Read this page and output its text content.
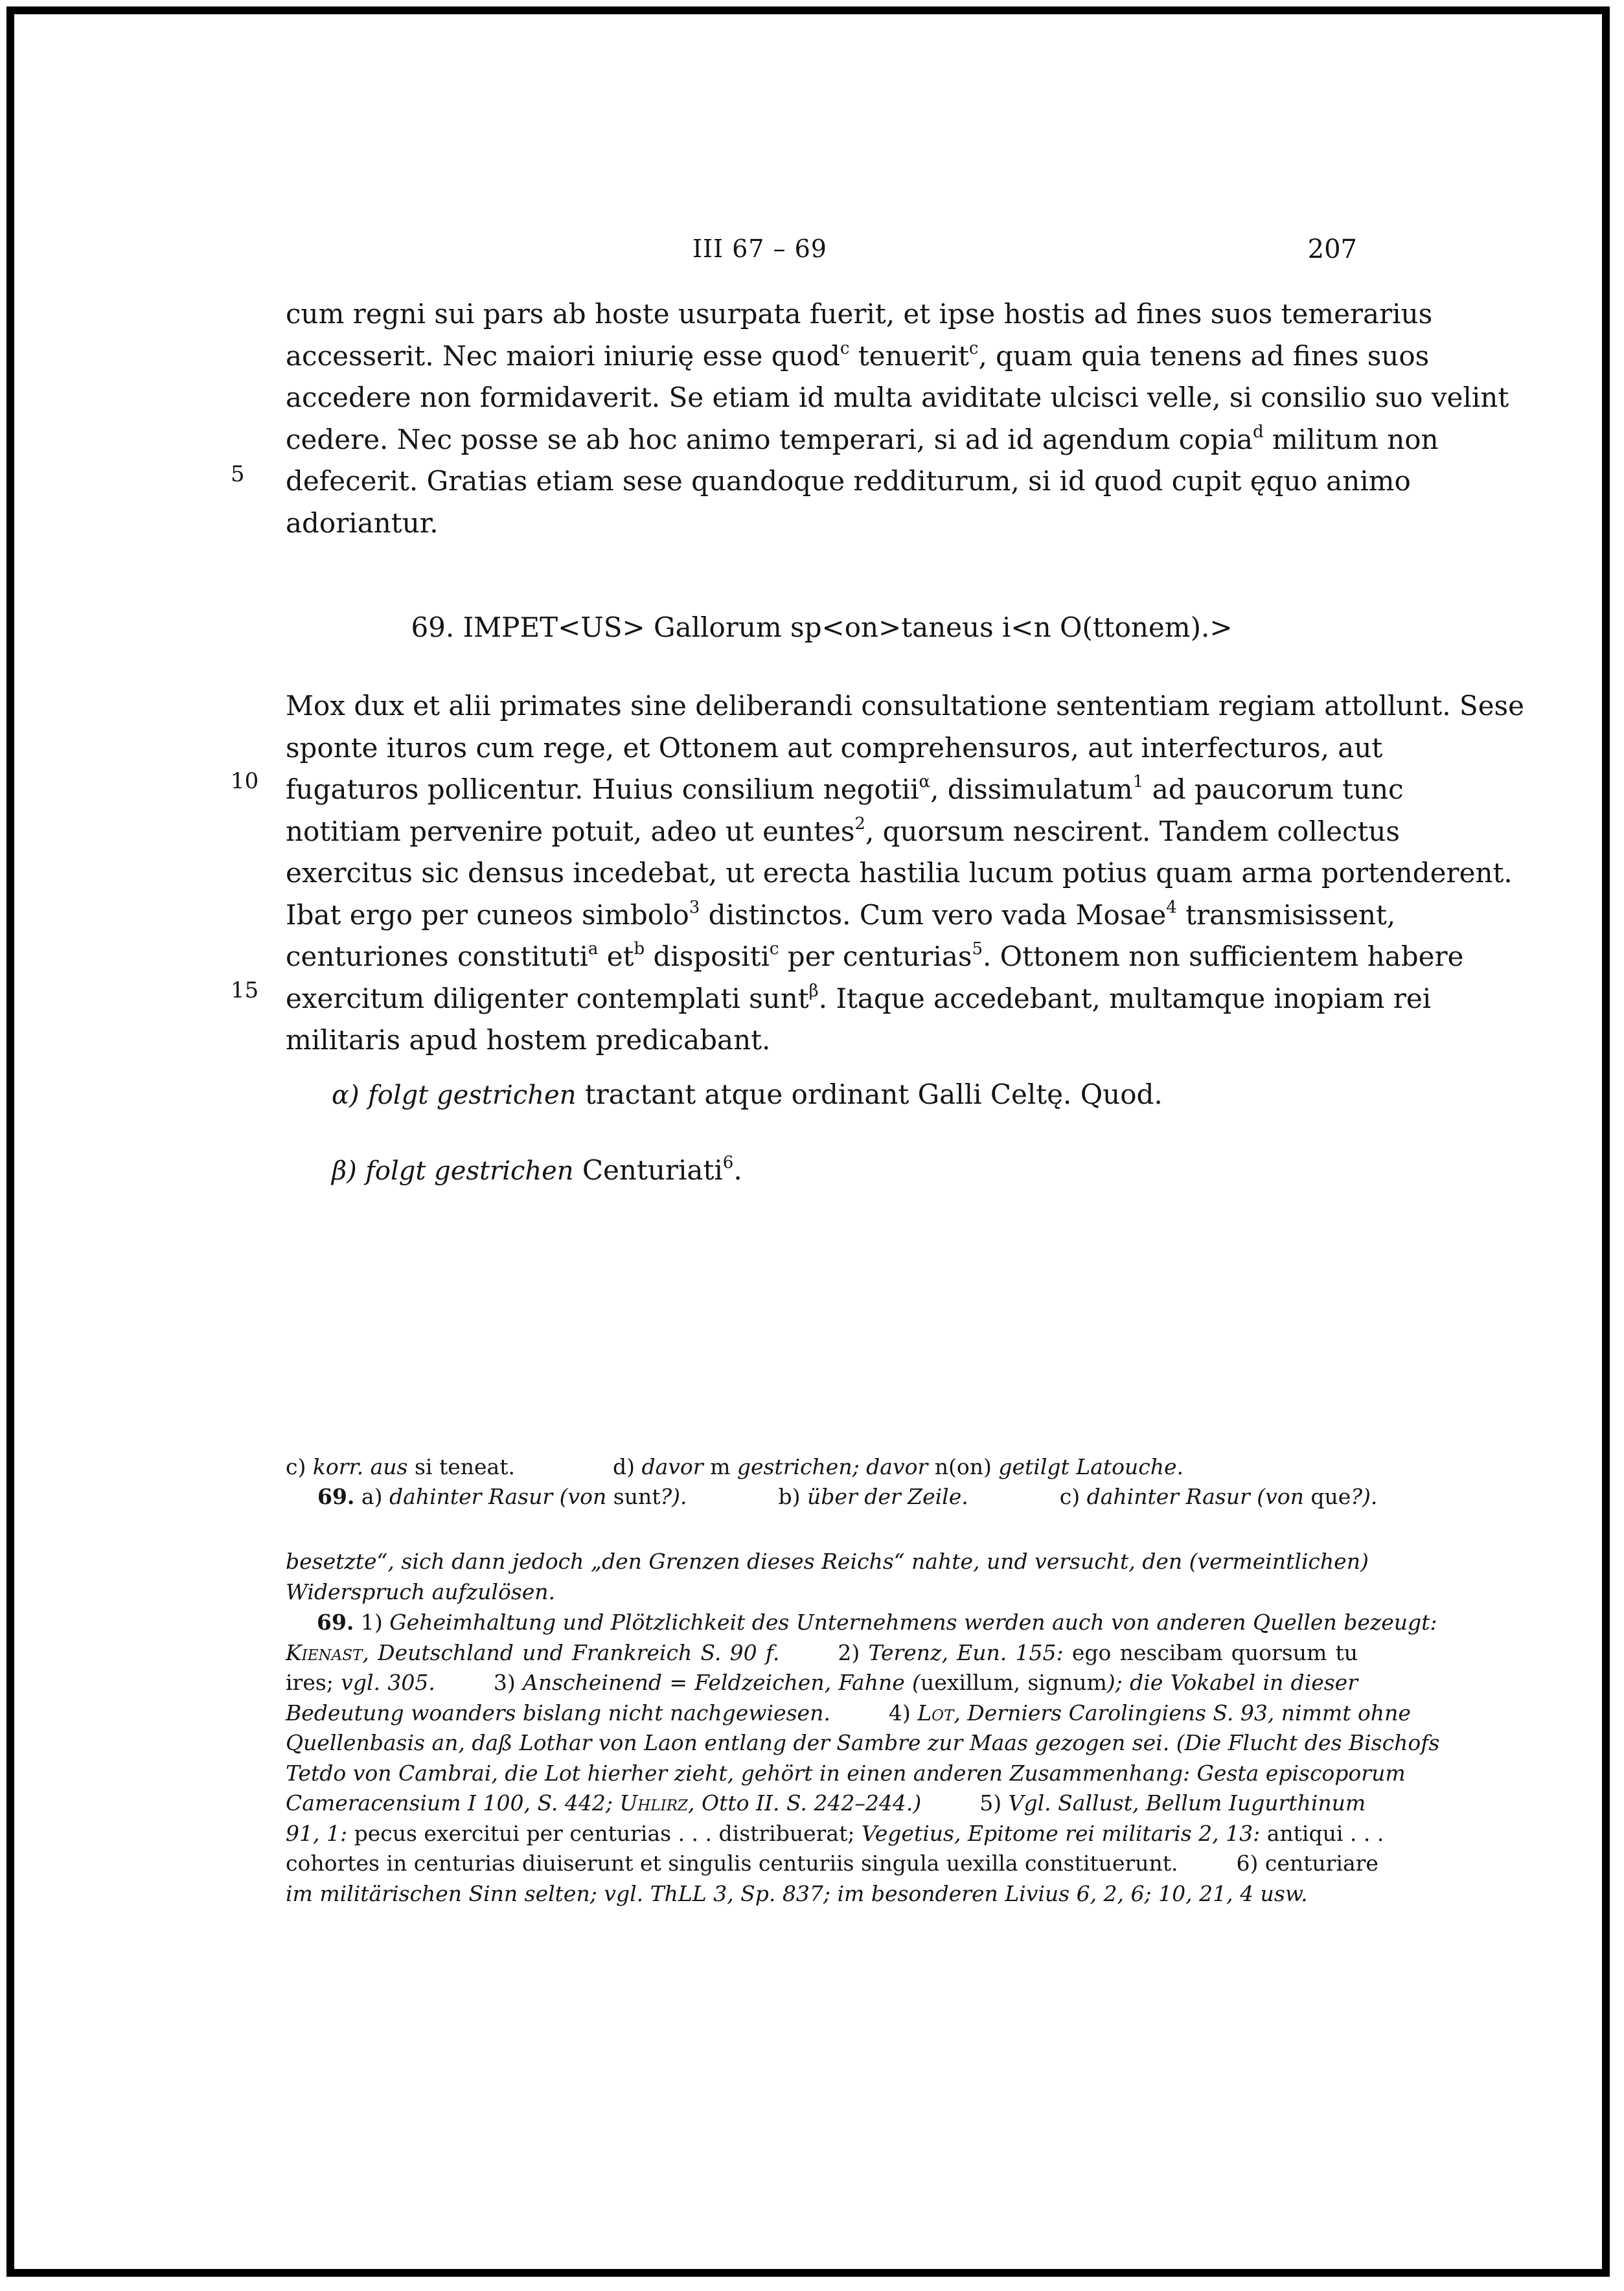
III 67 – 69	207
cum regni sui pars ab hoste usurpata fuerit, et ipse hostis ad fines suos temerarius
accesserit. Nec maiori iniurię esse quod$^c$ tenuerit$^c$, quam quia tenens ad fines suos
accedere non formidaverit. Se etiam id multa aviditate ulcisci velle, si consilio suo velint
cedere. Nec posse se ab hoc animo temperari, si ad id agendum copia$^d$ militum non
defecerit. Gratias etiam sese quandoque redditurum, si id quod cupit ęquo animo
adoriantur.
5
69. IMPET<US> Gallorum sp<on>taneus i<n O(ttonem).>
Mox dux et alii primates sine deliberandi consultatione sententiam regiam attollunt. Sese
sponte ituros cum rege, et Ottonem aut comprehensuros, aut interfecturos, aut
fugaturos pollicentur. Huius consilium negotii$^\alpha$, dissimulatum$^1$ ad paucorum tunc
notitiam pervenire potuit, adeo ut euntes$^2$, quorsum nescirent. Tandem collectus
exercitus sic densus incedebat, ut erecta hastilia lucum potius quam arma portenderent.
Ibat ergo per cuneos simbolo$^3$ distinctos. Cum vero vada Mosae$^4$ transmisissent,
centuriones constituti$^a$ $et^b$ dispositi$^c$ per centurias$^5$. Ottonem non sufficientem habere
exercitum diligenter contemplati sunt$^\beta$. Itaque accedebant, multamque inopiam rei
militaris apud hostem predicabant.
10
15
α) folgt gestrichen tractant atque ordinant Galli Celtę. Quod.
β) folgt gestrichen Centuriati$^6$.
c) korr. aus si teneat.	d) davor m gestrichen; davor n(on) getilgt Latouche.
69. a) dahinter Rasur (von sunt?).	b) über der Zeile.	c) dahinter Rasur (von que?).
besetzte“, sich dann jedoch „den Grenzen dieses Reichs“ nahte, und versucht, den (vermeintlichen)
Widerspruch aufzulösen.
69. 1) Geheimhaltung und Plötzlichkeit des Unternehmens werden auch von anderen Quellen bezeugt:
Kienast, Deutschland und Frankreich S. 90 f.	2) Terenz, Eun. 155: ego nescibam quorsum tu
ires; vgl. 305.	3) Anscheinend = Feldzeichen, Fahne (uexillum, signum); die Vokabel in dieser
Bedeutung woanders bislang nicht nachgewiesen.	4) Lot, Derniers Carolingiens S. 93, nimmt ohne
Quellenbasis an, daß Lothar von Laon entlang der Sambre zur Maas gezogen sei. (Die Flucht des Bischofs
Tetdo von Cambrai, die Lot hierher zieht, gehört in einen anderen Zusammenhang: Gesta episcoporum
Cameracensium I 100, S. 442; Uhlirz, Otto II. S. 242–244.)	5) Vgl. Sallust, Bellum Iugurthinum
91, 1: pecus exercitui per centurias . . . distribuerat; Vegetius, Epitome rei militaris 2, 13: antiqui . . .
cohortes in centurias diuiserunt et singulis centuriis singula uexilla constituerunt.	6) centuriare
im militärischen Sinn selten; vgl. ThLL 3, Sp. 837; im besonderen Livius 6, 2, 6; 10, 21, 4 usw.
